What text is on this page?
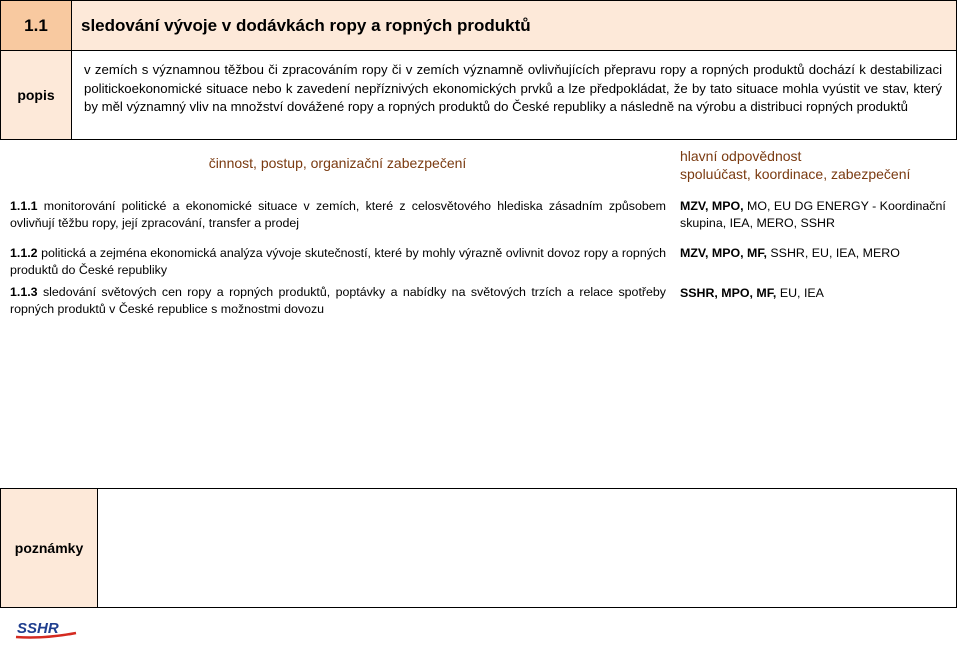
1.1	sledování vývoje v dodávkách ropy a ropných produktů
popis
v zemích s významnou těžbou či zpracováním ropy či v zemích významně ovlivňujících přepravu ropy a ropných produktů dochází k destabilizaci politickoekonomické situace nebo k zavedení nepříznivých ekonomických prvků a lze předpokládat, že by tato situace mohla vyústit ve stav, který by měl významný vliv na množství dovážené ropy a ropných produktů do České republiky a následně na výrobu a distribuci ropných produktů
činnost, postup, organizační zabezpečení	hlavní odpovědnost
spoluúčast, koordinace, zabezpečení
1.1.1 monitorování politické a ekonomické situace v zemích, které z celosvětového hlediska zásadním způsobem ovlivňují těžbu ropy, její zpracování, transfer a prodej
MZV, MPO, MO, EU DG ENERGY - Koordinační skupina, IEA, MERO, SSHR
1.1.2 politická a zejména ekonomická analýza vývoje skutečností, které by mohly výrazně ovlivnit dovoz ropy a ropných produktů do České republiky
MZV, MPO, MF, SSHR, EU, IEA, MERO
1.1.3 sledování světových cen ropy a ropných produktů, poptávky a nabídky na světových trzích a relace spotřeby ropných produktů v České republice s možnostmi dovozu
SSHR, MPO, MF, EU, IEA
poznámky
SSHR
